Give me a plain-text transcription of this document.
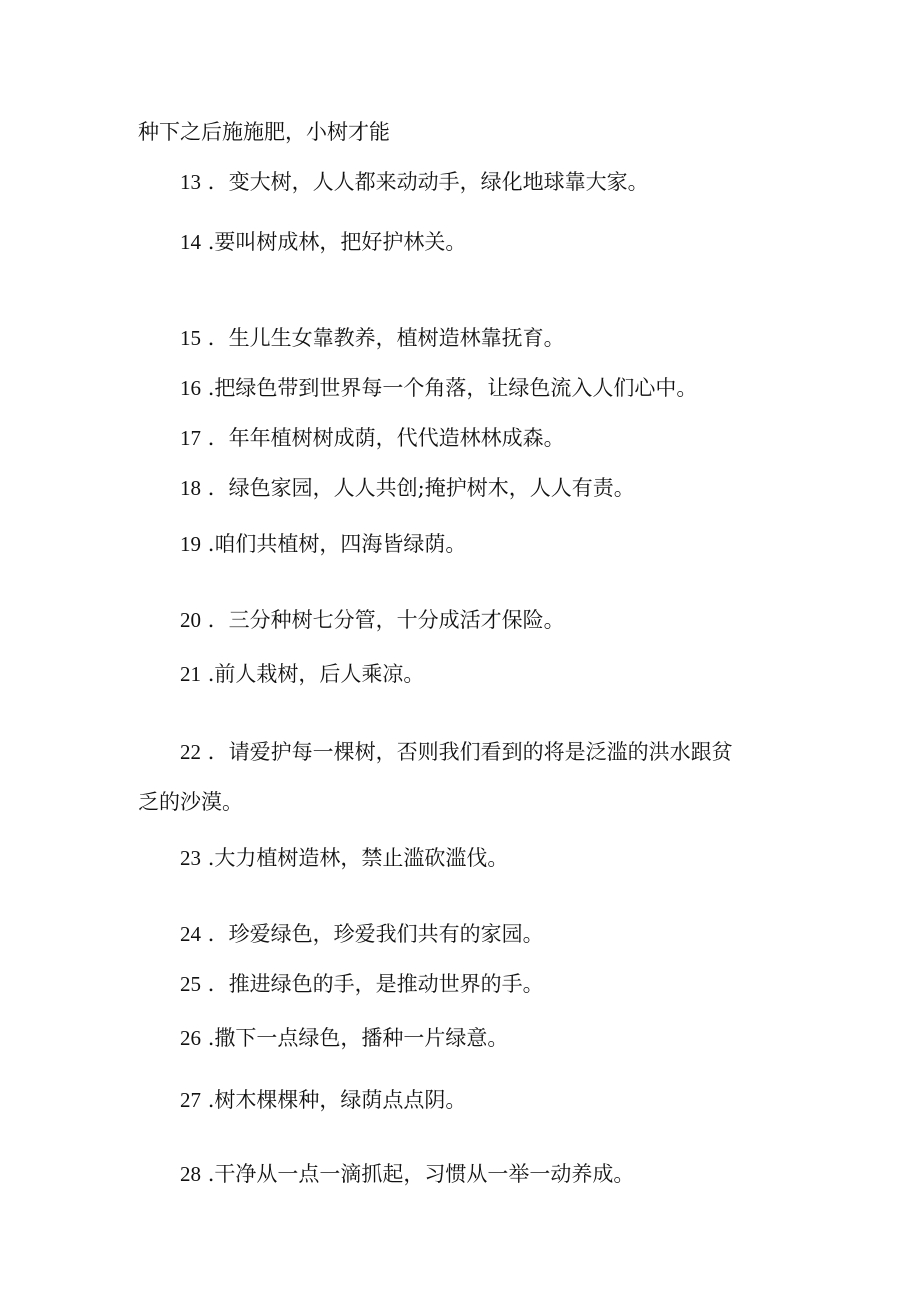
种下之后施施肥，小树才能
13 ．变大树，人人都来动动手，绿化地球靠大家。
14 .要叫树成林，把好护林关。
15 ．生儿生女靠教养，植树造林靠抚育。
16 .把绿色带到世界每一个角落，让绿色流入人们心中。
17 ．年年植树树成荫，代代造林林成森。
18 ．绿色家园，人人共创;掩护树木，人人有责。
19 .咱们共植树，四海皆绿荫。
20 ．三分种树七分管，十分成活才保险。
21 .前人栽树，后人乘凉。
22 ．请爱护每一棵树，否则我们看到的将是泛滥的洪水跟贫
乏的沙漠。
23 .大力植树造林，禁止滥砍滥伐。
24 ．珍爱绿色，珍爱我们共有的家园。
25 ．推进绿色的手，是推动世界的手。
26 .撒下一点绿色，播种一片绿意。
27 .树木棵棵种，绿荫点点阴。
28 .干净从一点一滴抓起，习惯从一举一动养成。
